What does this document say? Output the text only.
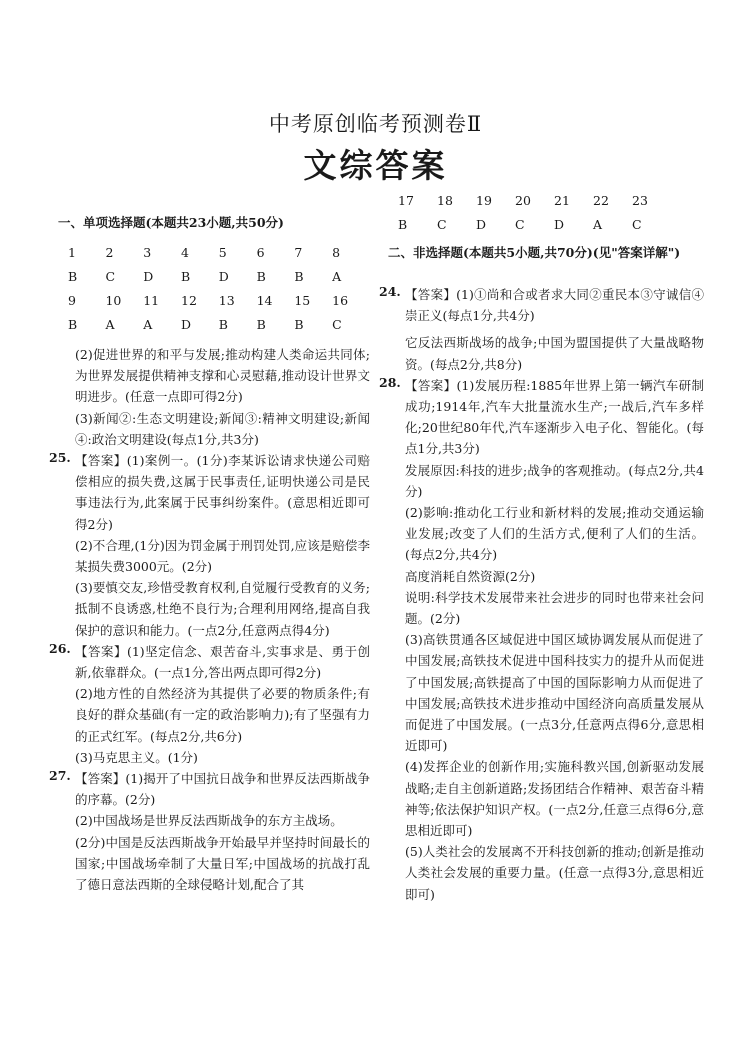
中考原创临考预测卷Ⅱ
文综答案

一、单项选择题(本题共23小题,共50分)

1	2	3	4	5	6	7	8
B	C	D	B	D	B	B	A
9	10	11	12	13	14	15	16
B	A	A	D	B	B	B	C

(2)促进世界的和平与发展;推动构建人类命运共同体;为世界发展提供精神支撑和心灵慰藉,推动设计世界文明进步。(任意一点即可得2分)

(3)新闻②:生态文明建设;新闻③:精神文明建设;新闻④:政治文明建设(每点1分,共3分)

25. 【答案】(1)案例一。(1分)李某诉讼请求快递公司赔偿相应的损失费,这属于民事责任,证明快递公司是民事违法行为,此案属于民事纠纷案件。(意思相近即可得2分)

(2)不合理,(1分)因为罚金属于刑罚处罚,应该是赔偿李某损失费3000元。(2分)

(3)要慎交友,珍惜受教育权利,自觉履行受教育的义务;抵制不良诱惑,杜绝不良行为;合理利用网络,提高自我保护的意识和能力。(一点2分,任意两点得4分)

26. 【答案】(1)坚定信念、艰苦奋斗,实事求是、勇于创新,依靠群众。(一点1分,答出两点即可得2分)

(2)地方性的自然经济为其提供了必要的物质条件;有良好的群众基础(有一定的政治影响力);有了坚强有力的正式红军。(每点2分,共6分)

(3)马克思主义。(1分)

27. 【答案】(1)揭开了中国抗日战争和世界反法西斯战争的序幕。(2分)

(2)中国战场是世界反法西斯战争的东方主战场。

(2分)中国是反法西斯战争开始最早并坚持时间最长的国家;中国战场牵制了大量日军;中国战场的抗战打乱了德日意法西斯的全球侵略计划,配合了其

17	18	19	20	21	22	23
B	C	D	C	D	A	C

二、非选择题(本题共5小题,共70分)(见"答案详解")

24. 【答案】(1)①尚和合或者求大同②重民本③守诚信④崇正义(每点1分,共4分)

它反法西斯战场的战争;中国为盟国提供了大量战略物资。(每点2分,共8分)

28. 【答案】(1)发展历程:1885年世界上第一辆汽车研制成功;1914年,汽车大批量流水生产;一战后,汽车多样化;20世纪80年代,汽车逐渐步入电子化、智能化。(每点1分,共3分)

发展原因:科技的进步;战争的客观推动。(每点2分,共4分)

(2)影响:推动化工行业和新材料的发展;推动交通运输业发展;改变了人们的生活方式,便利了人们的生活。(每点2分,共4分)

高度消耗自然资源(2分)

说明:科学技术发展带来社会进步的同时也带来社会问题。(2分)

(3)高铁贯通各区域促进中国区域协调发展从而促进了中国发展;高铁技术促进中国科技实力的提升从而促进了中国发展;高铁提高了中国的国际影响力从而促进了中国发展;高铁技术进步推动中国经济向高质量发展从而促进了中国发展。(一点3分,任意两点得6分,意思相近即可)

(4)发挥企业的创新作用;实施科教兴国,创新驱动发展战略;走自主创新道路;发扬团结合作精神、艰苦奋斗精神等;依法保护知识产权。(一点2分,任意三点得6分,意思相近即可)

(5)人类社会的发展离不开科技创新的推动;创新是推动人类社会发展的重要力量。(任意一点得3分,意思相近即可)
